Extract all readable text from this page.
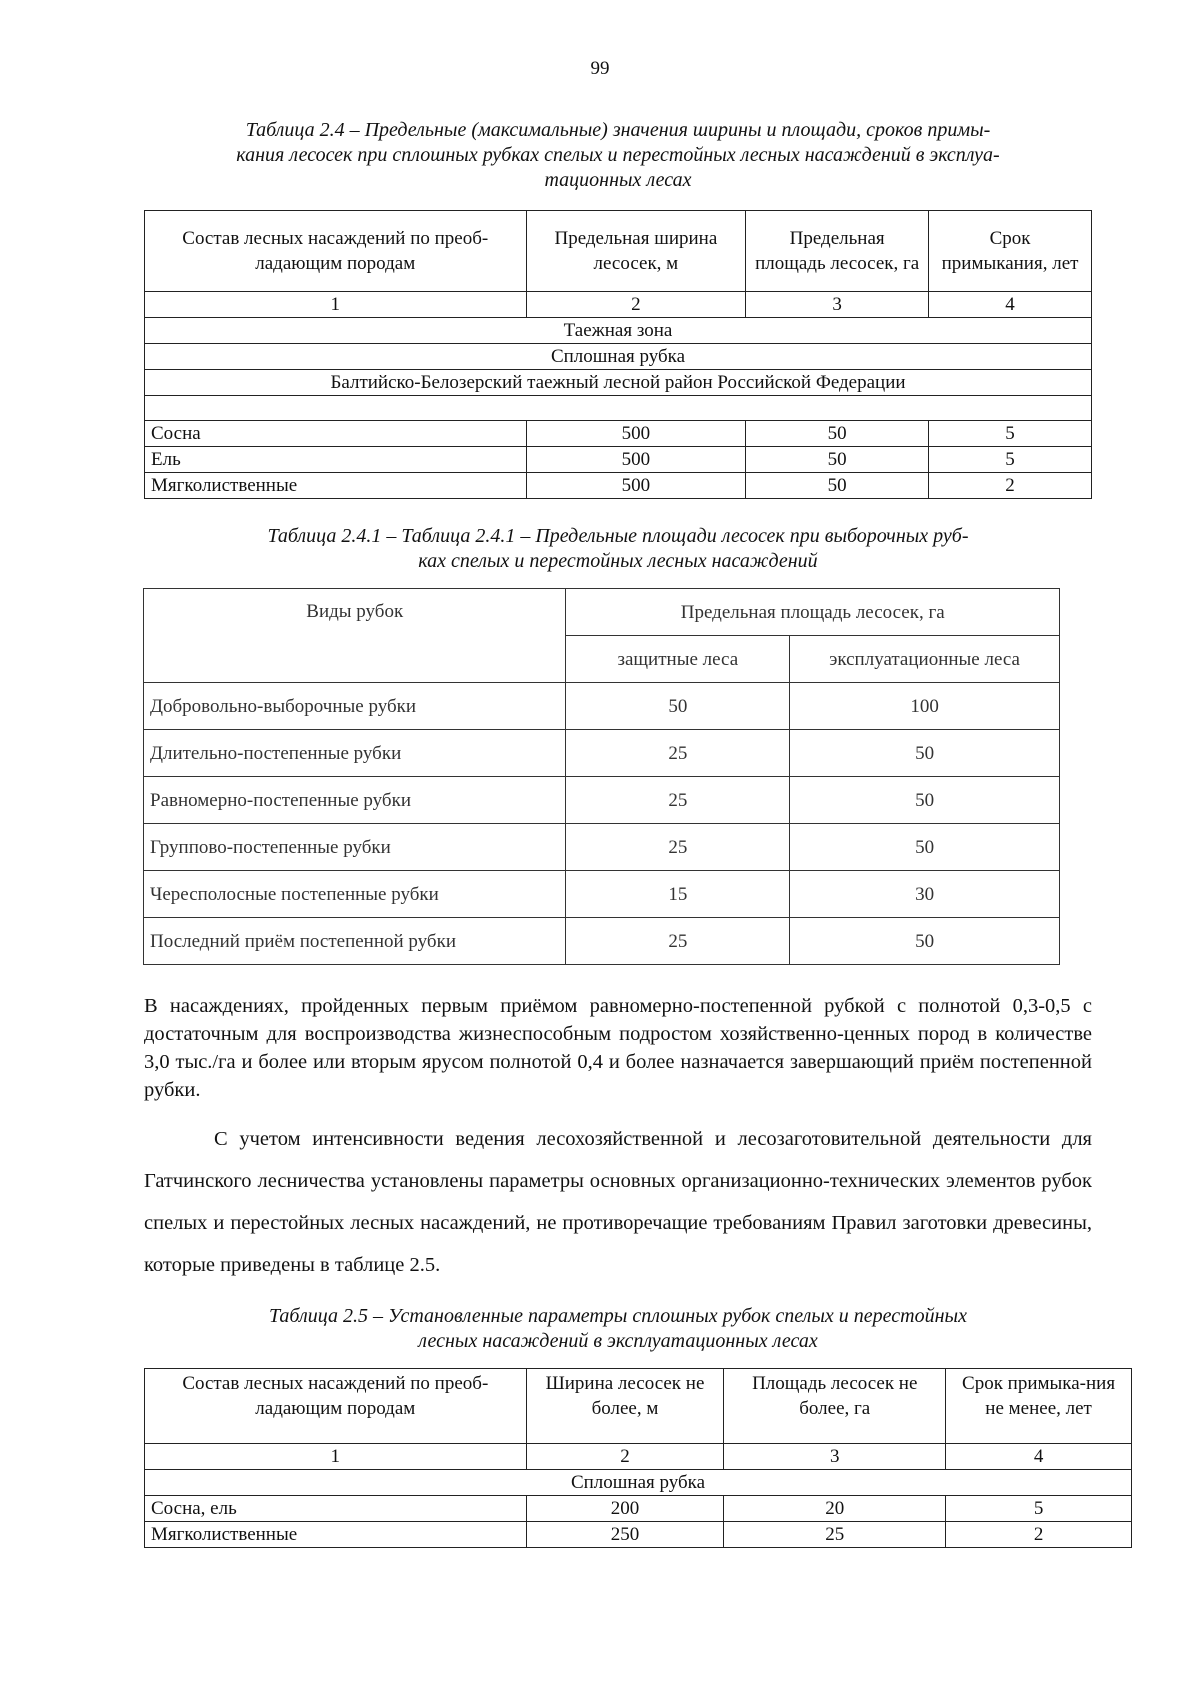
99
Таблица 2.4 – Предельные (максимальные) значения ширины и площади, сроков примы-
кания лесосек при сплошных рубках спелых и перестойных лесных насаждений в эксплуа-
тационных лесах
Состав лесных насаждений по преоб-ладающим породам	Предельная ширина лесосек, м	Предельная площадь лесосек, га	Срок примыкания, лет
1	2	3	4
Таежная зона			
Сплошная рубка			
Балтийско-Белозерский таежный лесной район Российской Федерации			

Сосна	500	50	5
Ель	500	50	5
Мягколиственные	500	50	2
Таблица 2.4.1 – Таблица 2.4.1 – Предельные площади лесосек при выборочных руб-
ках спелых и перестойных лесных насаждений
Виды рубок	Предельная площадь лесосек, га	
	защитные леса	эксплуатационные леса
Добровольно-выборочные рубки	50	100
Длительно-постепенные рубки	25	50
Равномерно-постепенные рубки	25	50
Группово-постепенные рубки	25	50
Чересполосные постепенные рубки	15	30
Последний приём постепенной рубки	25	50
В насаждениях, пройденных первым приёмом равномерно-постепенной рубкой с полнотой 0,3-0,5 с достаточным для воспроизводства жизнеспособным подростом хозяйственно-ценных пород в количестве 3,0 тыс./га и более или вторым ярусом полнотой 0,4 и более назначается завершающий приём постепенной рубки.
С учетом интенсивности ведения лесохозяйственной и лесозаготовительной деятельности для Гатчинского лесничества установлены параметры основных организационно-технических элементов рубок спелых и перестойных лесных насаждений, не противоречащие требованиям Правил заготовки древесины, которые приведены в таблице 2.5.
Таблица 2.5 – Установленные параметры сплошных рубок спелых и перестойных
лесных насаждений в эксплуатационных лесах
Состав лесных насаждений по преоб-ладающим породам	Ширина лесосек не более, м	Площадь лесосек не более, га	Срок примыка-ния не менее, лет
1	2	3	4
Сплошная рубка			
Сосна, ель	200	20	5
Мягколиственные	250	25	2
